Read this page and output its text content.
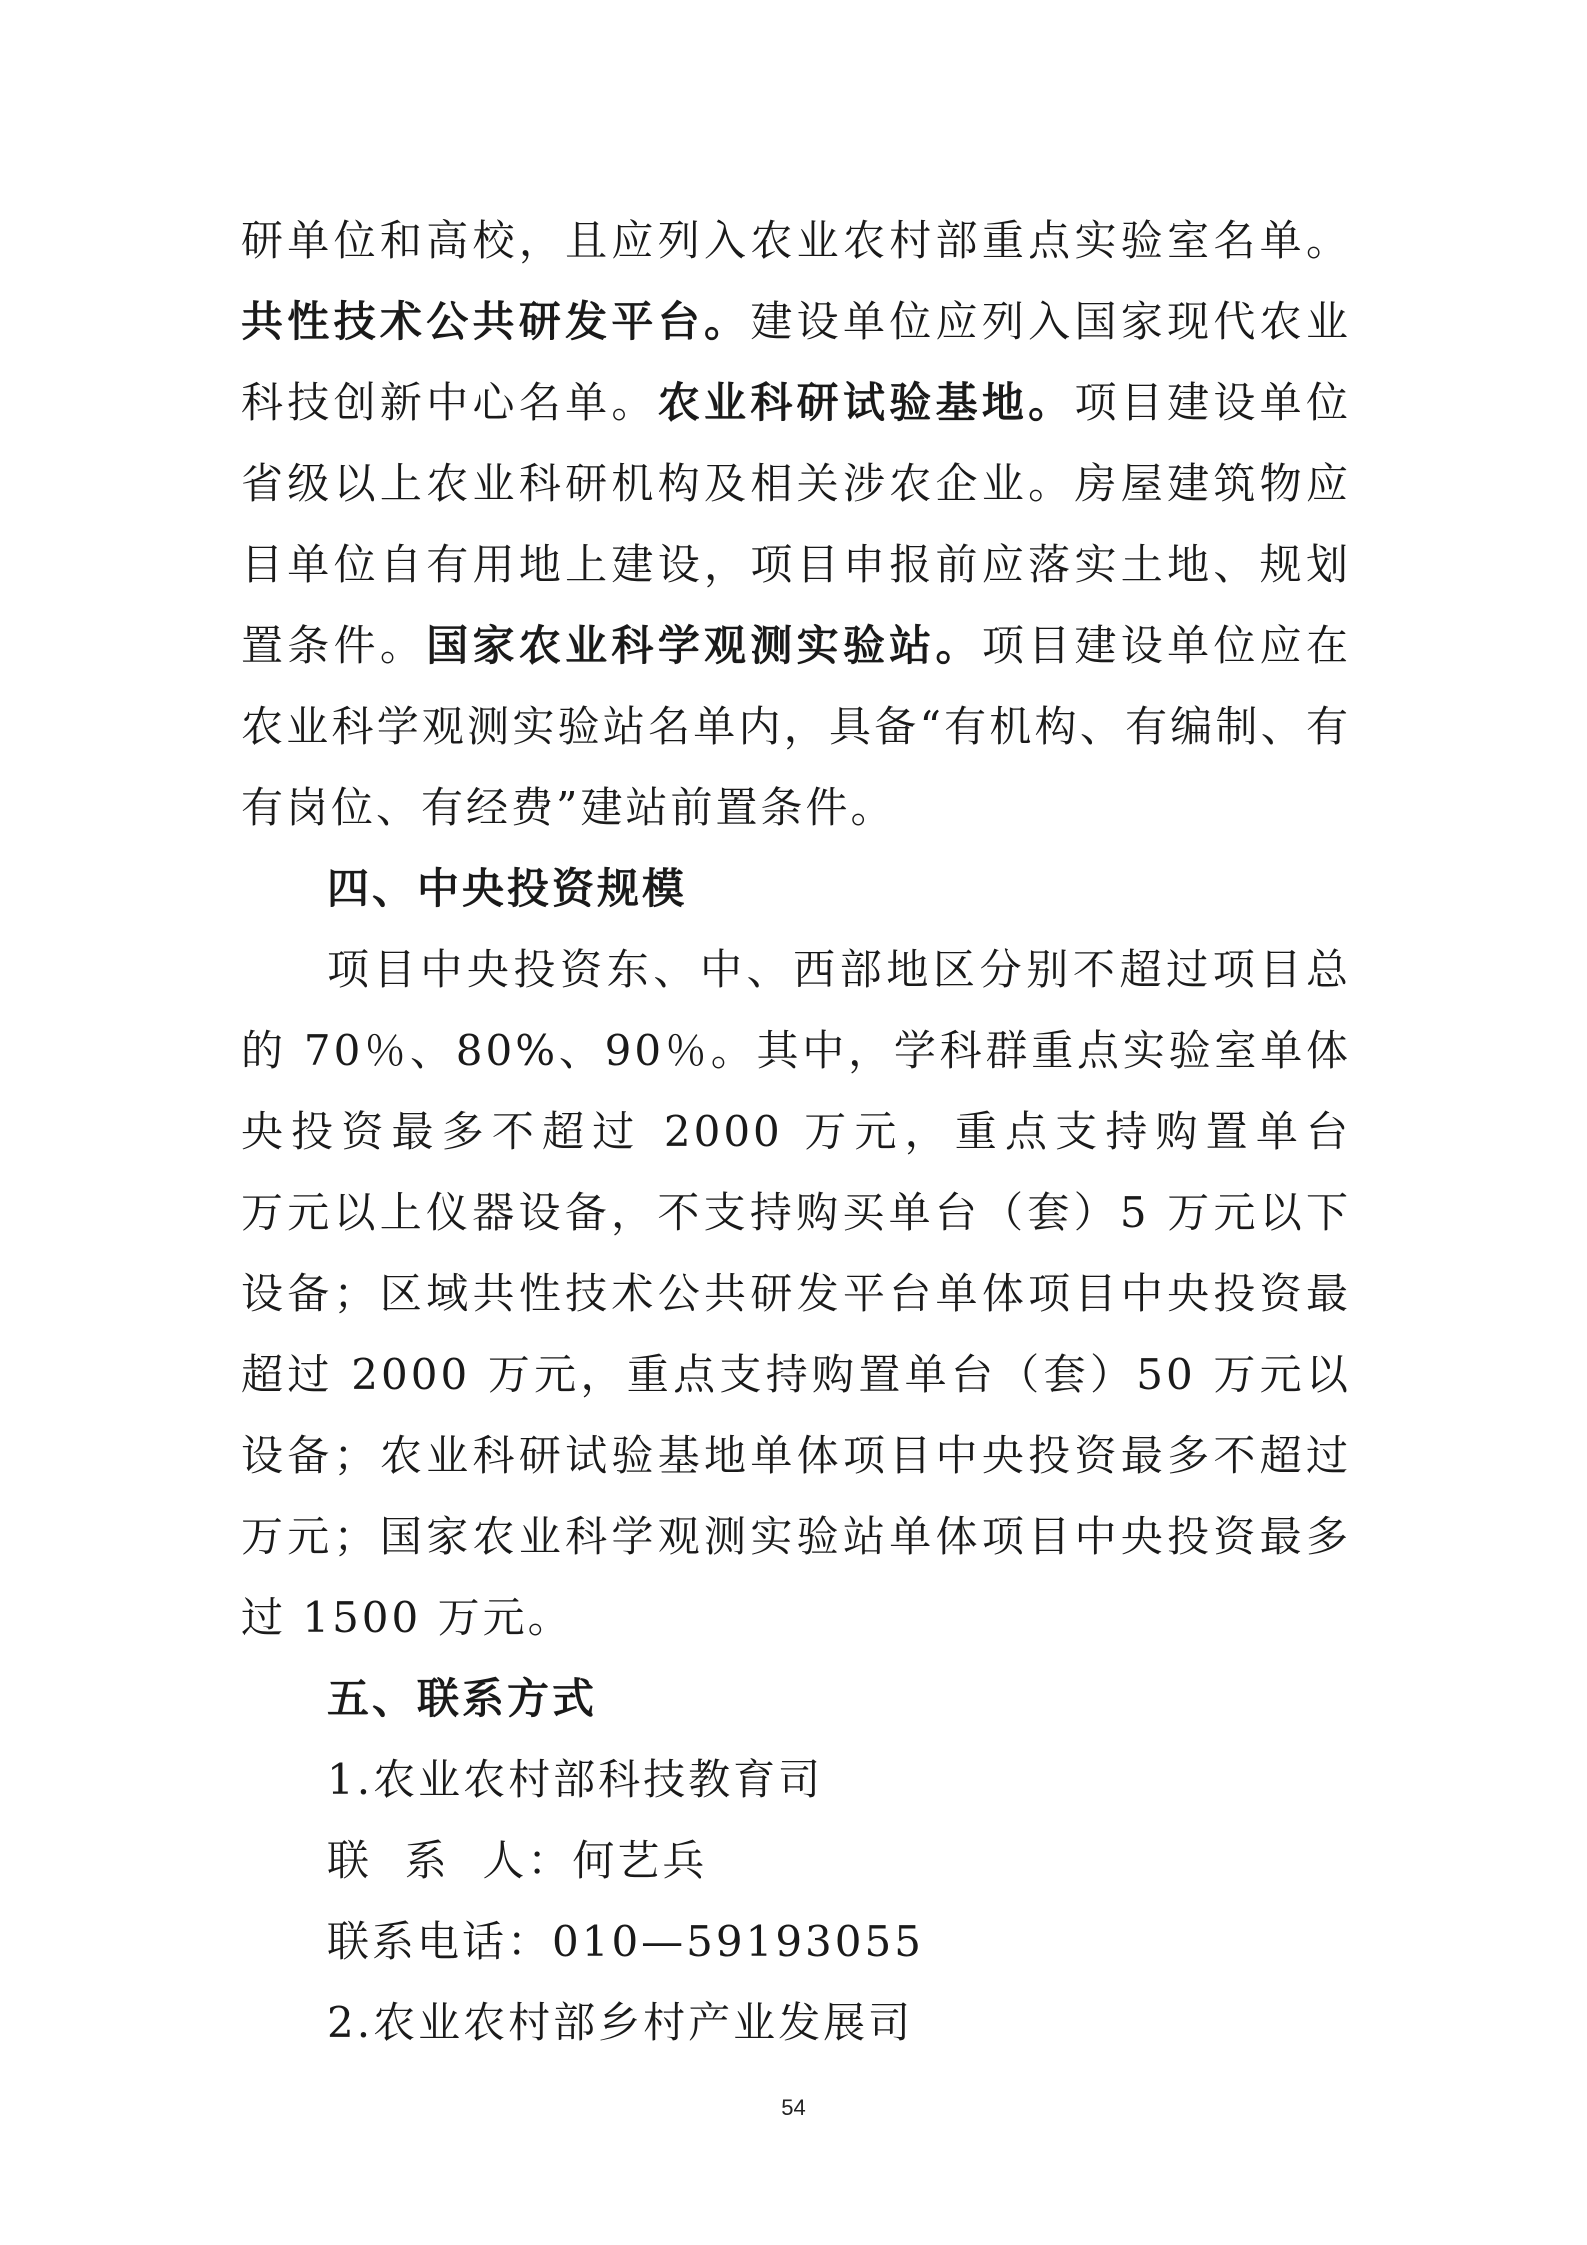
研单位和高校，且应列入农业农村部重点实验室名单。
共性技术公共研发平台。建设单位应列入国家现代农业
科技创新中心名单。农业科研试验基地。项目建设单位
省级以上农业科研机构及相关涉农企业。房屋建筑物应
目单位自有用地上建设，项目申报前应落实土地、规划
置条件。国家农业科学观测实验站。项目建设单位应在
农业科学观测实验站名单内，具备“有机构、有编制、有
有岗位、有经费”建站前置条件。
四、中央投资规模
项目中央投资东、中、西部地区分别不超过项目总
的 70％、80%、90％。其中，学科群重点实验室单体
央投资最多不超过 2000 万元，重点支持购置单台
万元以上仪器设备，不支持购买单台（套）5 万元以下
设备；区域共性技术公共研发平台单体项目中央投资最
超过 2000 万元，重点支持购置单台（套）50 万元以
设备；农业科研试验基地单体项目中央投资最多不超过
万元；国家农业科学观测实验站单体项目中央投资最多
过 1500 万元。
五、联系方式
1.农业农村部科技教育司
联  系  人：何艺兵
联系电话：010—59193055
2.农业农村部乡村产业发展司
54
